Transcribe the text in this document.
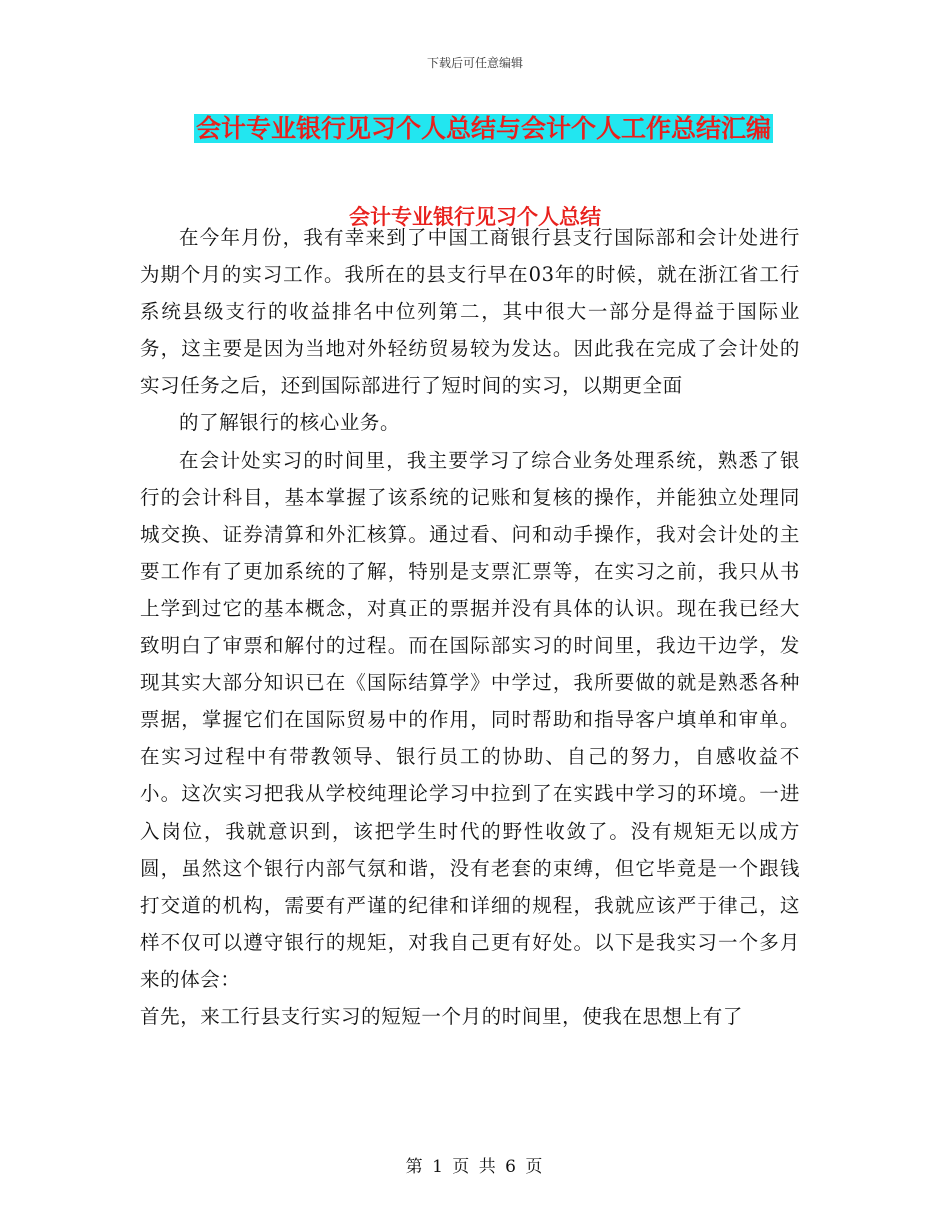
下载后可任意编辑
会计专业银行见习个人总结与会计个人工作总结汇编
会计专业银行见习个人总结

在今年月份，我有幸来到了中国工商银行县支行国际部和会计处进行为期个月的实习工作。我所在的县支行早在03年的时候，就在浙江省工行系统县级支行的收益排名中位列第二，其中很大一部分是得益于国际业务，这主要是因为当地对外轻纺贸易较为发达。因此我在完成了会计处的实习任务之后，还到国际部进行了短时间的实习，以期更全面

的了解银行的核心业务。

在会计处实习的时间里，我主要学习了综合业务处理系统，熟悉了银行的会计科目，基本掌握了该系统的记账和复核的操作，并能独立处理同城交换、证券清算和外汇核算。通过看、问和动手操作，我对会计处的主要工作有了更加系统的了解，特别是支票汇票等，在实习之前，我只从书上学到过它的基本概念，对真正的票据并没有具体的认识。现在我已经大致明白了审票和解付的过程。而在国际部实习的时间里，我边干边学，发现其实大部分知识已在《国际结算学》中学过，我所要做的就是熟悉各种票据，掌握它们在国际贸易中的作用，同时帮助和指导客户填单和审单。在实习过程中有带教领导、银行员工的协助、自己的努力，自感收益不小。这次实习把我从学校纯理论学习中拉到了在实践中学习的环境。一进入岗位，我就意识到，该把学生时代的野性收敛了。没有规矩无以成方圆，虽然这个银行内部气氛和谐，没有老套的束缚，但它毕竟是一个跟钱打交道的机构，需要有严谨的纪律和详细的规程，我就应该严于律己，这样不仅可以遵守银行的规矩，对我自己更有好处。以下是我实习一个多月来的体会：

首先，来工行县支行实习的短短一个月的时间里，使我在思想上有了

第 1 页 共 6 页
